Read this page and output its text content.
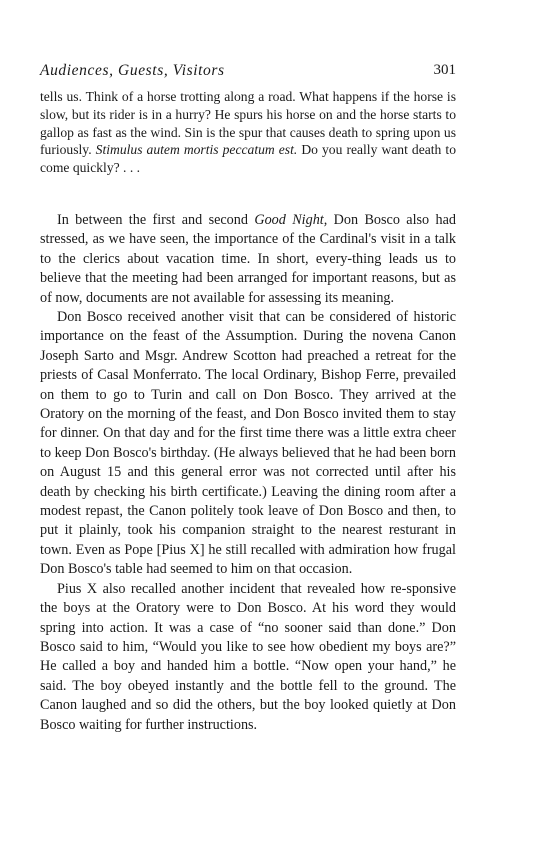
Audiences, Guests, Visitors	301
tells us. Think of a horse trotting along a road. What happens if the horse is slow, but its rider is in a hurry? He spurs his horse on and the horse starts to gallop as fast as the wind. Sin is the spur that causes death to spring upon us furiously. Stimulus autem mortis peccatum est. Do you really want death to come quickly? . . .

In between the first and second Good Night, Don Bosco also had stressed, as we have seen, the importance of the Cardinal's visit in a talk to the clerics about vacation time. In short, every-thing leads us to believe that the meeting had been arranged for important reasons, but as of now, documents are not available for assessing its meaning.

Don Bosco received another visit that can be considered of historic importance on the feast of the Assumption. During the novena Canon Joseph Sarto and Msgr. Andrew Scotton had preached a retreat for the priests of Casal Monferrato. The local Ordinary, Bishop Ferre, prevailed on them to go to Turin and call on Don Bosco. They arrived at the Oratory on the morning of the feast, and Don Bosco invited them to stay for dinner. On that day and for the first time there was a little extra cheer to keep Don Bosco's birthday. (He always believed that he had been born on August 15 and this general error was not corrected until after his death by checking his birth certificate.) Leaving the dining room after a modest repast, the Canon politely took leave of Don Bosco and then, to put it plainly, took his companion straight to the nearest resturant in town. Even as Pope [Pius X] he still recalled with admiration how frugal Don Bosco's table had seemed to him on that occasion.

Pius X also recalled another incident that revealed how re-sponsive the boys at the Oratory were to Don Bosco. At his word they would spring into action. It was a case of “no sooner said than done.” Don Bosco said to him, “Would you like to see how obedient my boys are?” He called a boy and handed him a bottle. “Now open your hand,” he said. The boy obeyed instantly and the bottle fell to the ground. The Canon laughed and so did the others, but the boy looked quietly at Don Bosco waiting for further instructions.
